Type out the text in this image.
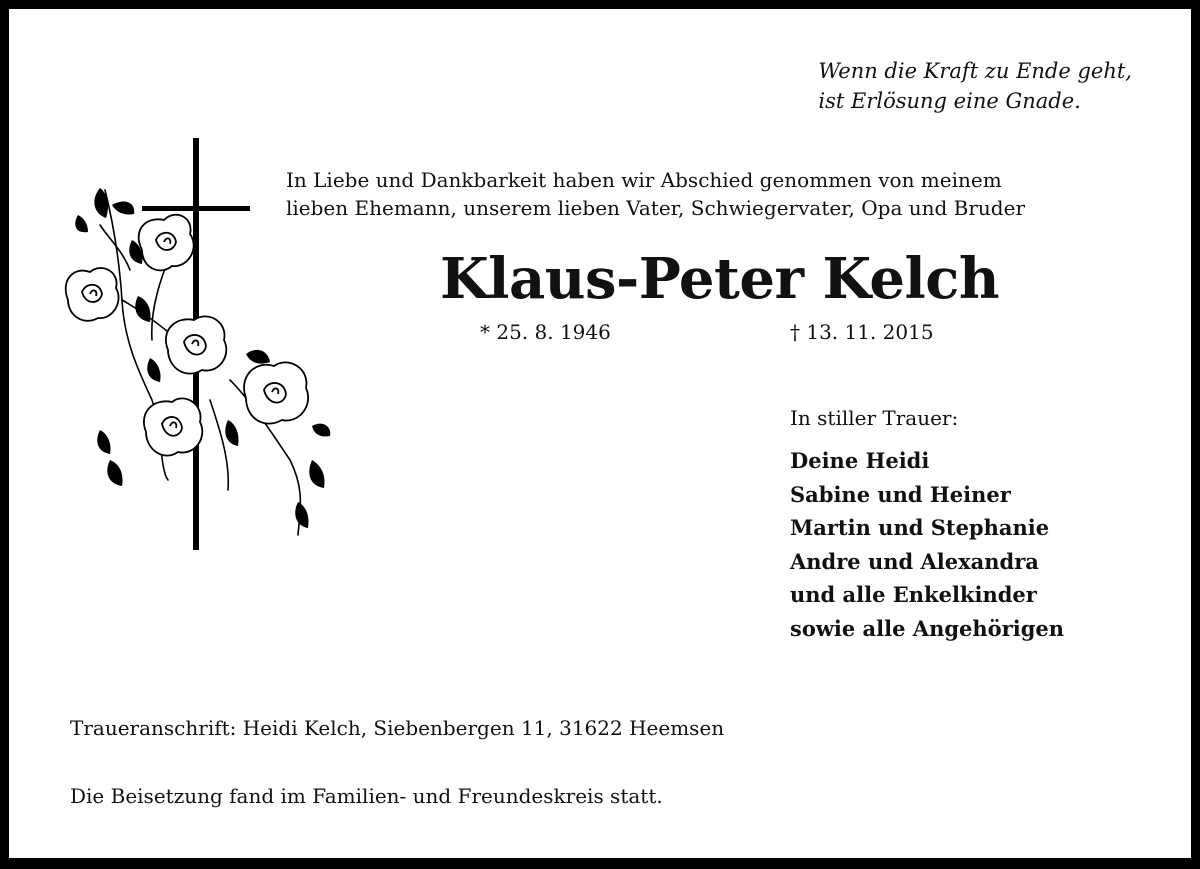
Wenn die Kraft zu Ende geht,
ist Erlösung eine Gnade.
In Liebe und Dankbarkeit haben wir Abschied genommen von meinem
lieben Ehemann, unserem lieben Vater, Schwiegervater, Opa und Bruder
Klaus-Peter Kelch
* 25. 8. 1946	† 13. 11. 2015
In stiller Trauer:
Deine Heidi
Sabine und Heiner
Martin und Stephanie
Andre und Alexandra
und alle Enkelkinder
sowie alle Angehörigen
Traueranschrift: Heidi Kelch, Siebenbergen 11, 31622 Heemsen
Die Beisetzung fand im Familien- und Freundeskreis statt.
